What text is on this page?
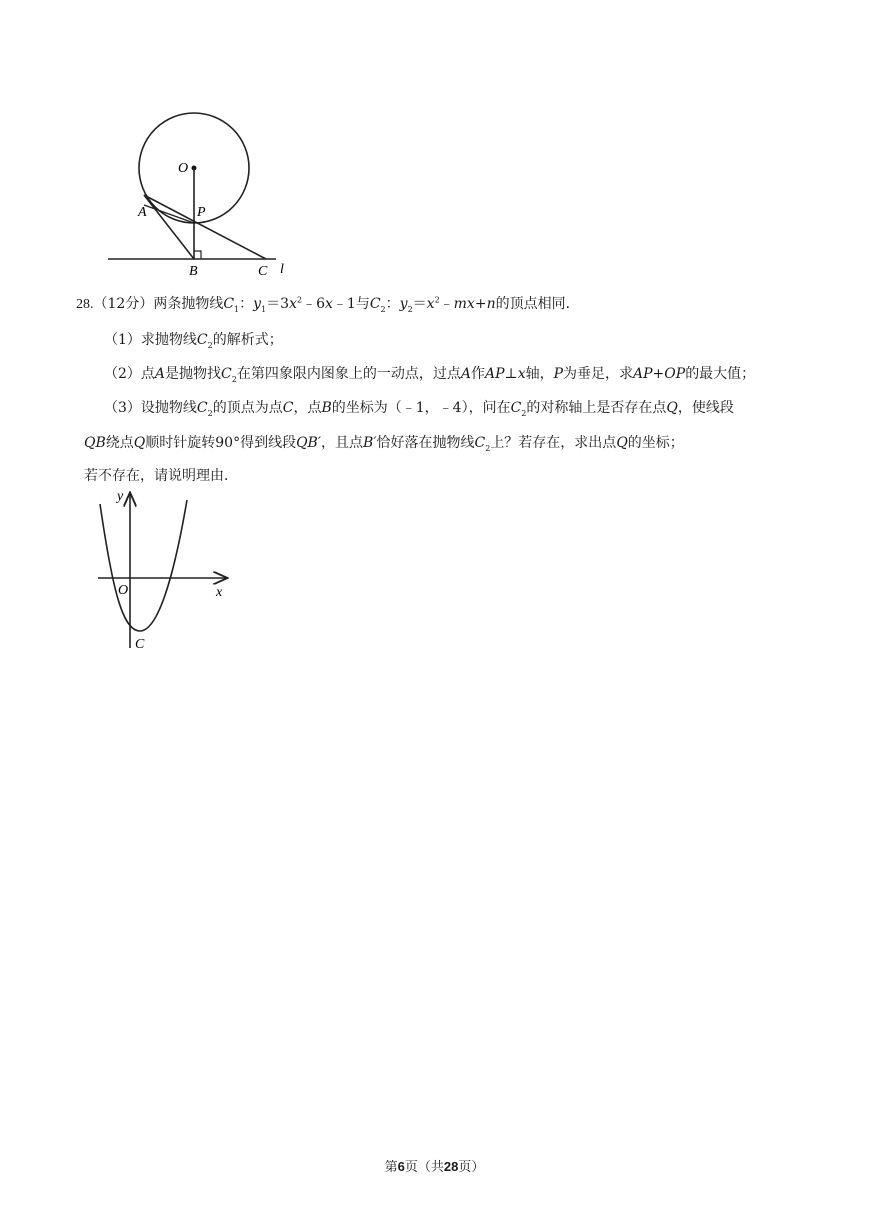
O
A	P
B	C l
28.（12分）两条抛物线$C_1$：$y_1=3x^2﹣6x﹣1$与$C_2$：$y_2=x^2﹣mx+n$的顶点相同．
（1）求抛物线$C_2$的解析式；
（2）点A是抛物找$C_2$在第四象限内图象上的一动点，过点A作AP⊥x轴，P为垂足，求AP+OP的最大值；
（3）设抛物线$C_2$的顶点为点C，点B的坐标为（﹣1，﹣4），问在$C_2$的对称轴上是否存在点Q，使线段
QB绕点Q顺时针旋转90°得到线段QB′，且点B′恰好落在抛物线$C_2$上？若存在，求出点Q的坐标；
若不存在，请说明理由．
y
x
O
C
第6页（共28页）
